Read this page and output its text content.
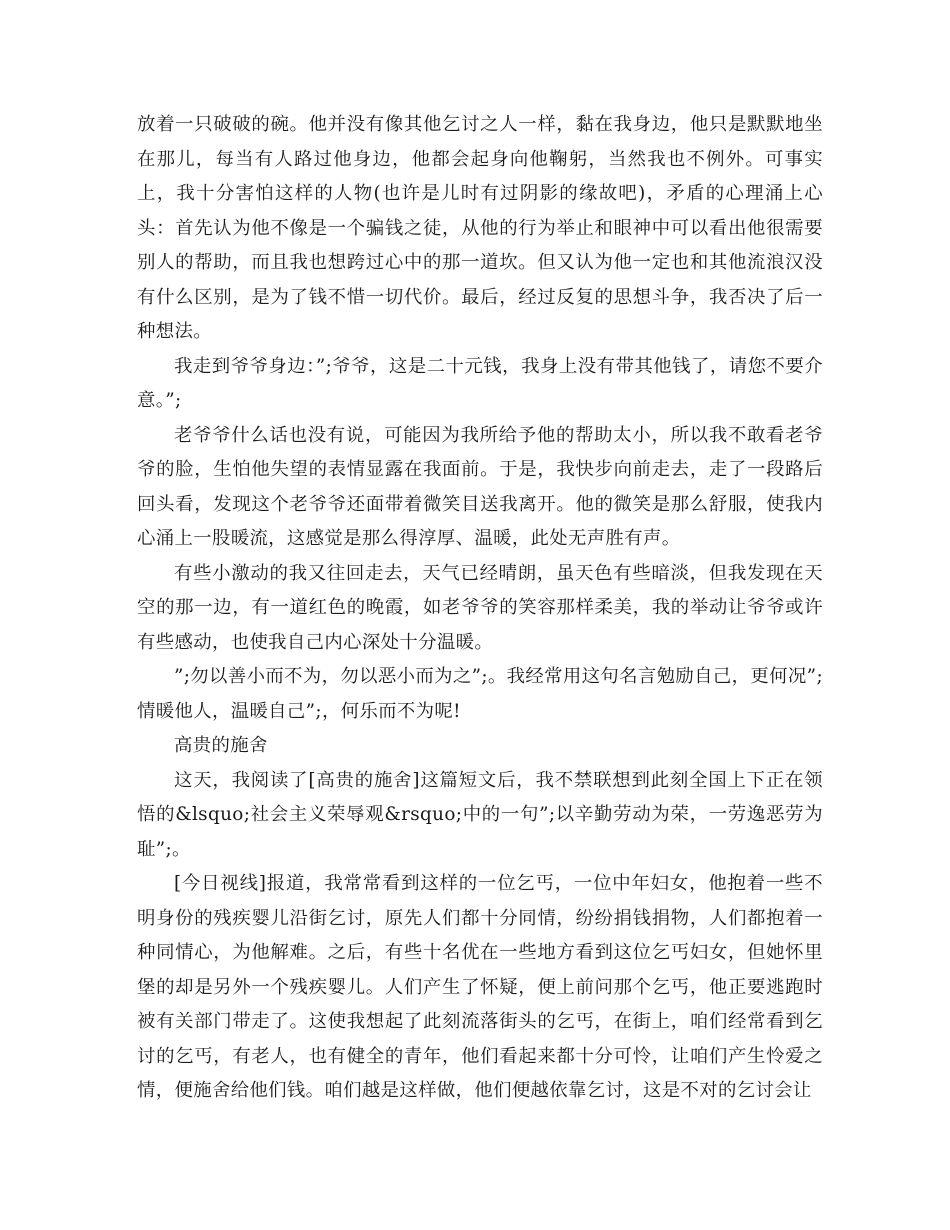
放着一只破破的碗。他并没有像其他乞讨之人一样，黏在我身边，他只是默默地坐在那儿，每当有人路过他身边，他都会起身向他鞠躬，当然我也不例外。可事实上，我十分害怕这样的人物(也许是儿时有过阴影的缘故吧)，矛盾的心理涌上心头：首先认为他不像是一个骗钱之徒，从他的行为举止和眼神中可以看出他很需要别人的帮助，而且我也想跨过心中的那一道坎。但又认为他一定也和其他流浪汉没有什么区别，是为了钱不惜一切代价。最后，经过反复的思想斗争，我否决了后一种想法。

我走到爷爷身边：”;爷爷，这是二十元钱，我身上没有带其他钱了，请您不要介意。”;

老爷爷什么话也没有说，可能因为我所给予他的帮助太小，所以我不敢看老爷爷的脸，生怕他失望的表情显露在我面前。于是，我快步向前走去，走了一段路后回头看，发现这个老爷爷还面带着微笑目送我离开。他的微笑是那么舒服，使我内心涌上一股暖流，这感觉是那么得淳厚、温暖，此处无声胜有声。

有些小激动的我又往回走去，天气已经晴朗，虽天色有些暗淡，但我发现在天空的那一边，有一道红色的晚霞，如老爷爷的笑容那样柔美，我的举动让爷爷或许有些感动，也使我自己内心深处十分温暖。

”;勿以善小而不为，勿以恶小而为之”;。我经常用这句名言勉励自己，更何况”;情暖他人，温暖自己”;，何乐而不为呢!

高贵的施舍

这天，我阅读了[高贵的施舍]这篇短文后，我不禁联想到此刻全国上下正在领悟的&lsquo;社会主义荣辱观&rsquo;中的一句”;以辛勤劳动为荣，一劳逸恶劳为耻”;。

[今日视线]报道，我常常看到这样的一位乞丐，一位中年妇女，他抱着一些不明身份的残疾婴儿沿街乞讨，原先人们都十分同情，纷纷捐钱捐物，人们都抱着一种同情心，为他解难。之后，有些十名优在一些地方看到这位乞丐妇女，但她怀里堡的却是另外一个残疾婴儿。人们产生了怀疑，便上前问那个乞丐，他正要逃跑时被有关部门带走了。这使我想起了此刻流落街头的乞丐，在街上，咱们经常看到乞讨的乞丐，有老人，也有健全的青年，他们看起来都十分可怜，让咱们产生怜爱之情，便施舍给他们钱。咱们越是这样做，他们便越依靠乞讨，这是不对的乞讨会让
